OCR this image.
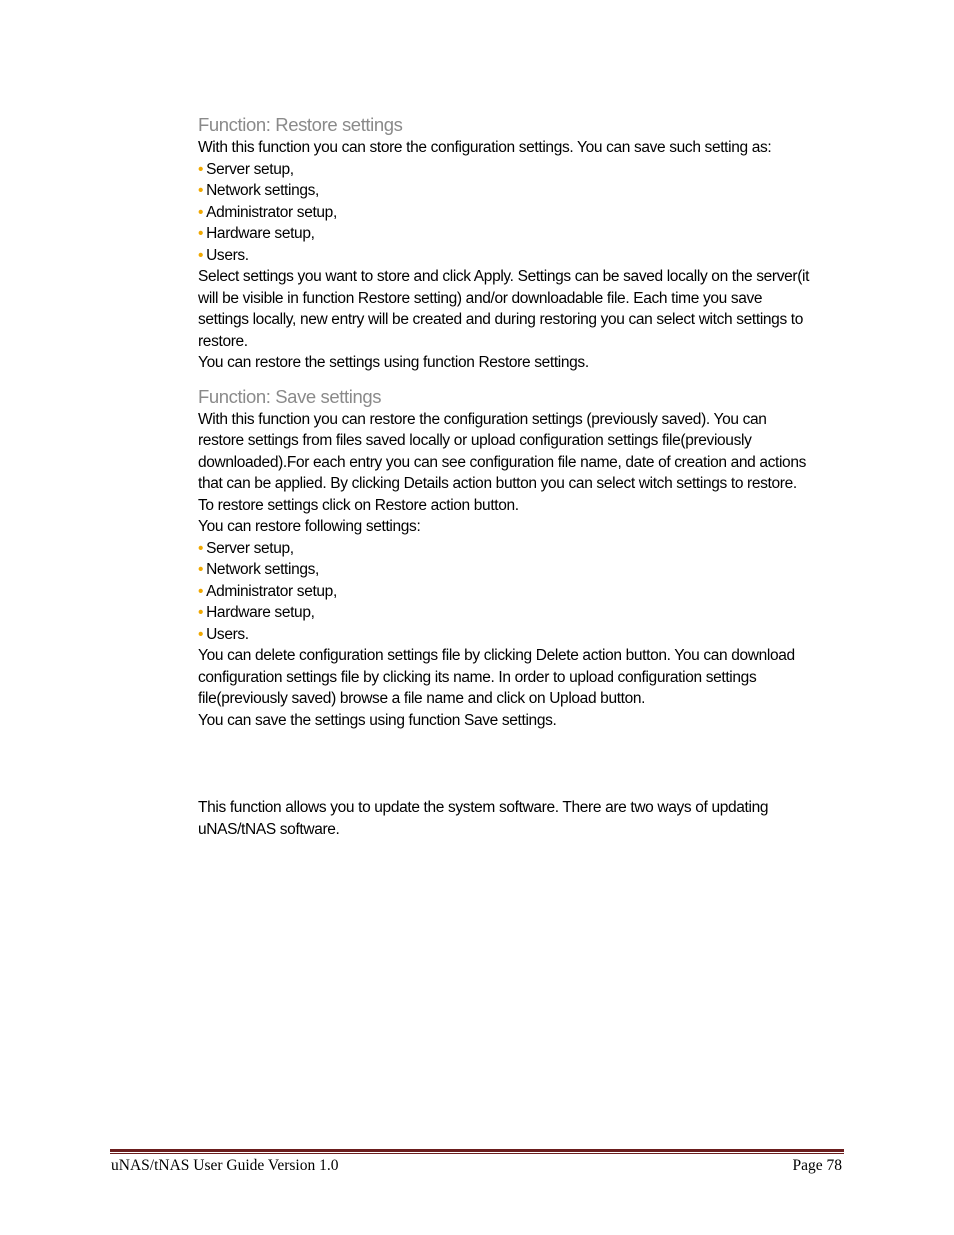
Function: Restore settings

With this function you can store the configuration settings. You can save such setting as:

• Server setup,
• Network settings,
• Administrator setup,
• Hardware setup,
• Users.

Select settings you want to store and click Apply. Settings can be saved locally on the server(it

will be visible in function Restore setting) and/or downloadable file. Each time you save

settings locally, new entry will be created and during restoring you can select witch settings to

restore.

You can restore the settings using function Restore settings.

Function: Save settings

With this function you can restore the configuration settings (previously saved). You can

restore settings from files saved locally or upload configuration settings file(previously

downloaded).For each entry you can see configuration file name, date of creation and actions

that can be applied. By clicking Details action button you can select witch settings to restore.

To restore settings click on Restore action button.

You can restore following settings:

• Server setup,
• Network settings,
• Administrator setup,
• Hardware setup,
• Users.

You can delete configuration settings file by clicking Delete action button. You can download

configuration settings file by clicking its name. In order to upload configuration settings

file(previously saved) browse a file name and click on Upload button.

You can save the settings using function Save settings.

This function allows you to update the system software. There are two ways of updating

uNAS/tNAS software.

uNAS/tNAS User Guide Version 1.0	Page 78
